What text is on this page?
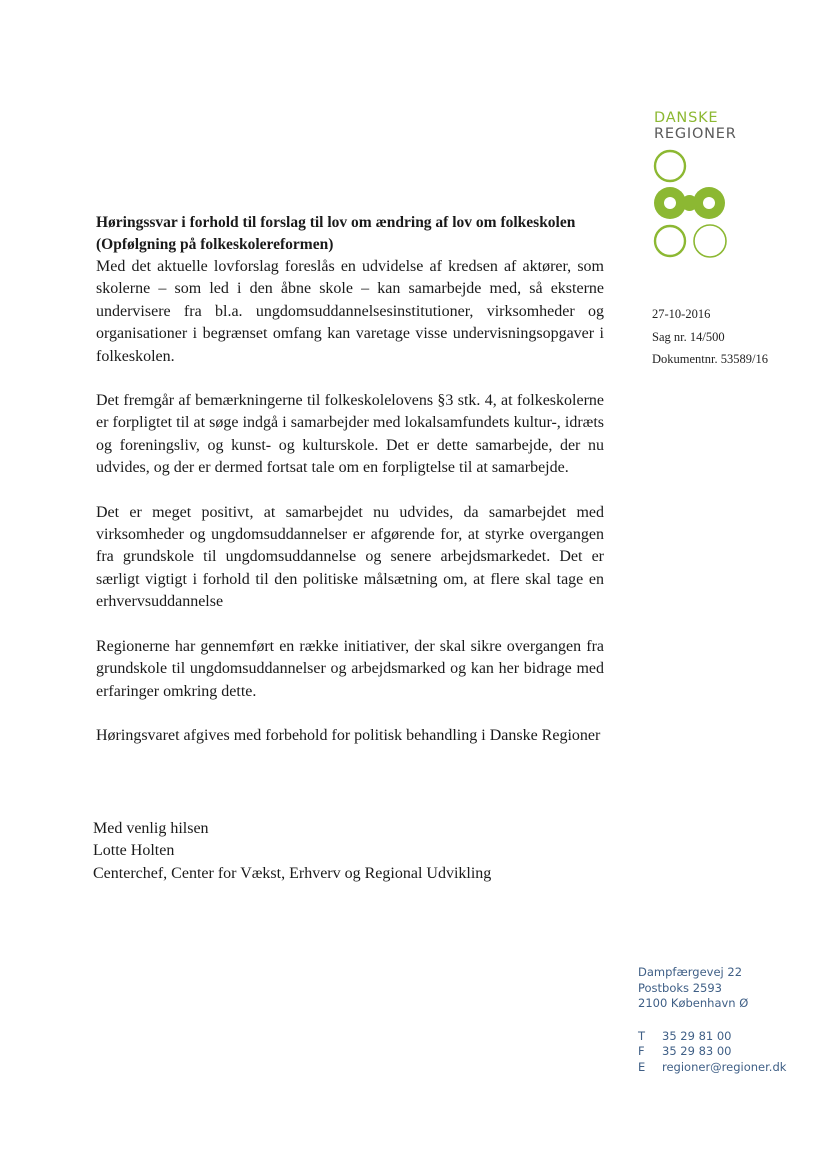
DANSKE
REGIONER
27-10-2016
Sag nr. 14/500
Dokumentnr. 53589/16
Høringssvar i forhold til forslag til lov om ændring af lov om folkeskolen
(Opfølgning på folkeskolereformen)

Med det aktuelle lovforslag foreslås en udvidelse af kredsen af aktører, som skolerne – som led i den åbne skole – kan samarbejde med, så eksterne undervisere fra bl.a. ungdomsuddannelsesinstitutioner, virksomheder og organisationer i begrænset omfang kan varetage visse undervisningsopgaver i folkeskolen.

Det fremgår af bemærkningerne til folkeskolelovens §3 stk. 4, at folkeskolerne er forpligtet til at søge indgå i samarbejder med lokalsamfundets kultur-, idræts og foreningsliv, og kunst- og kulturskole. Det er dette samarbejde, der nu udvides, og der er dermed fortsat tale om en forpligtelse til at samarbejde.

Det er meget positivt, at samarbejdet nu udvides, da samarbejdet med virksomheder og ungdomsuddannelser er afgørende for, at styrke overgangen fra grundskole til ungdomsuddannelse og senere arbejdsmarkedet. Det er særligt vigtigt i forhold til den politiske målsætning om, at flere skal tage en erhvervsuddannelse

Regionerne har gennemført en række initiativer, der skal sikre overgangen fra grundskole til ungdomsuddannelser og arbejdsmarked og kan her bidrage med erfaringer omkring dette.

Høringsvaret afgives med forbehold for politisk behandling i Danske Regioner

Med venlig hilsen
Lotte Holten
Centerchef, Center for Vækst, Erhverv og Regional Udvikling
Dampfærgevej 22
Postboks 2593
2100 København Ø
T	35 29 81 00
F	35 29 83 00
E	regioner@regioner.dk
